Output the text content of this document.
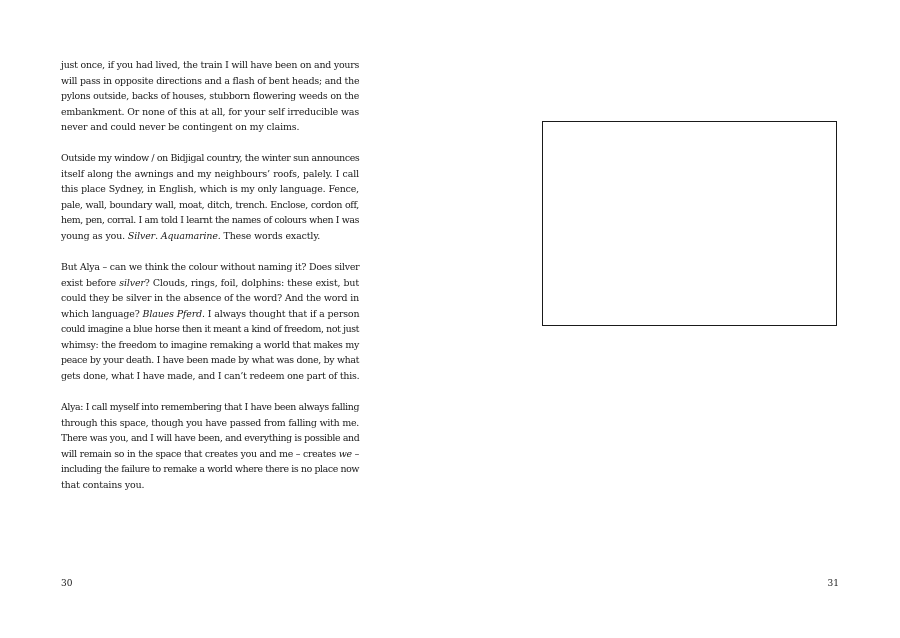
just once, if you had lived, the train I will have been on and yours
will pass in opposite directions and a flash of bent heads; and the
pylons outside, backs of houses, stubborn flowering weeds on the
embankment. Or none of this at all, for your self irreducible was
never and could never be contingent on my claims.

Outside my window / on Bidjigal country, the winter sun announces
itself along the awnings and my neighbours’ roofs, palely. I call
this place Sydney, in English, which is my only language. Fence,
pale, wall, boundary wall, moat, ditch, trench. Enclose, cordon off,
hem, pen, corral. I am told I learnt the names of colours when I was
young as you. Silver. Aquamarine. These words exactly.

But Alya – can we think the colour without naming it? Does silver
exist before silver? Clouds, rings, foil, dolphins: these exist, but
could they be silver in the absence of the word? And the word in
which language? Blaues Pferd. I always thought that if a person
could imagine a blue horse then it meant a kind of freedom, not just
whimsy: the freedom to imagine remaking a world that makes my
peace by your death. I have been made by what was done, by what
gets done, what I have made, and I can’t redeem one part of this.

Alya: I call myself into remembering that I have been always falling
through this space, though you have passed from falling with me.
There was you, and I will have been, and everything is possible and
will remain so in the space that creates you and me – creates we –
including the failure to remake a world where there is no place now
that contains you.

30	31
